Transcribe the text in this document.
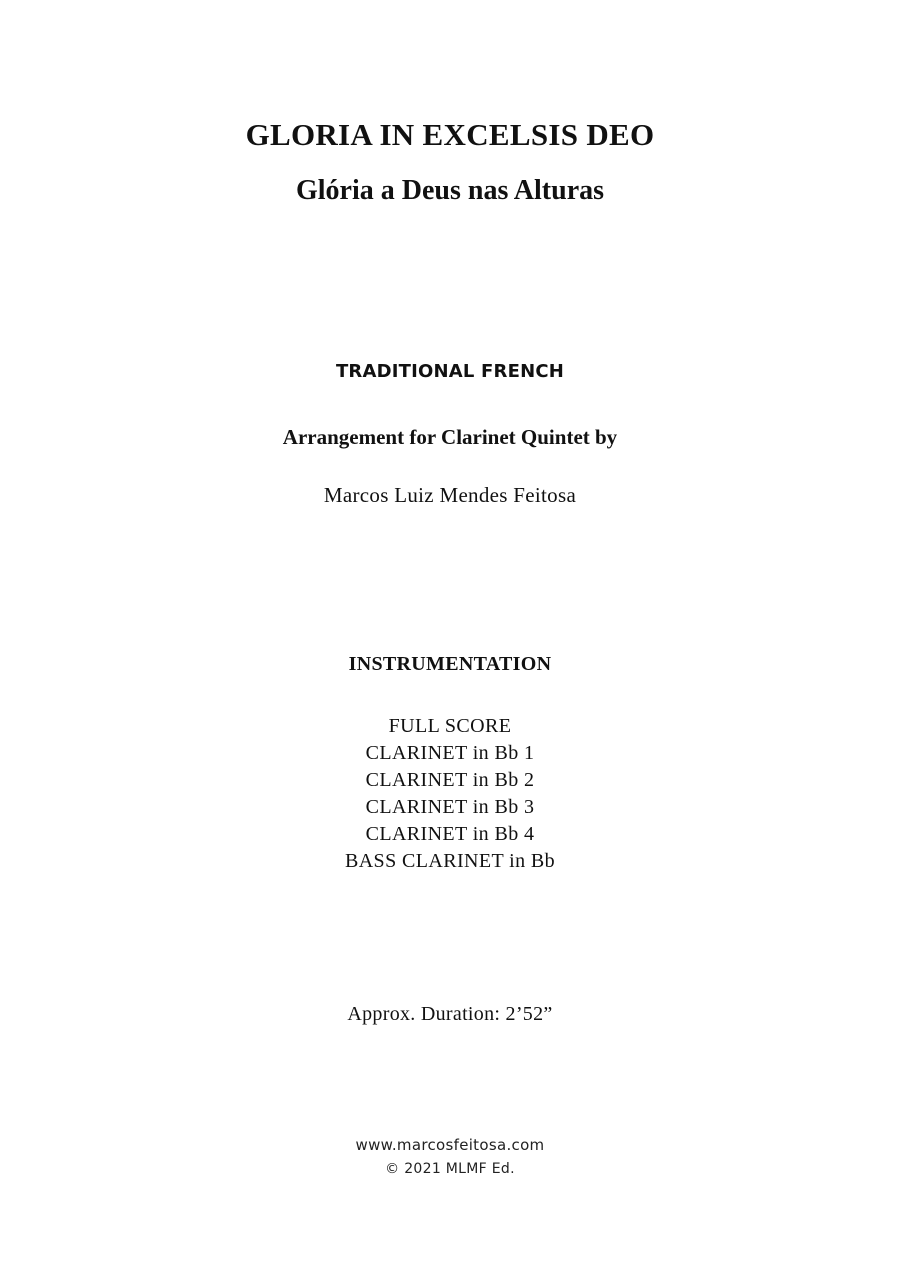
GLORIA IN EXCELSIS DEO
Glória a Deus nas Alturas
TRADITIONAL FRENCH
Arrangement for Clarinet Quintet by
Marcos Luiz Mendes Feitosa
INSTRUMENTATION
FULL SCORE
CLARINET in Bb 1
CLARINET in Bb 2
CLARINET in Bb 3
CLARINET in Bb 4
BASS CLARINET in Bb
Approx. Duration: 2’52”
www.marcosfeitosa.com
© 2021 MLMF Ed.
